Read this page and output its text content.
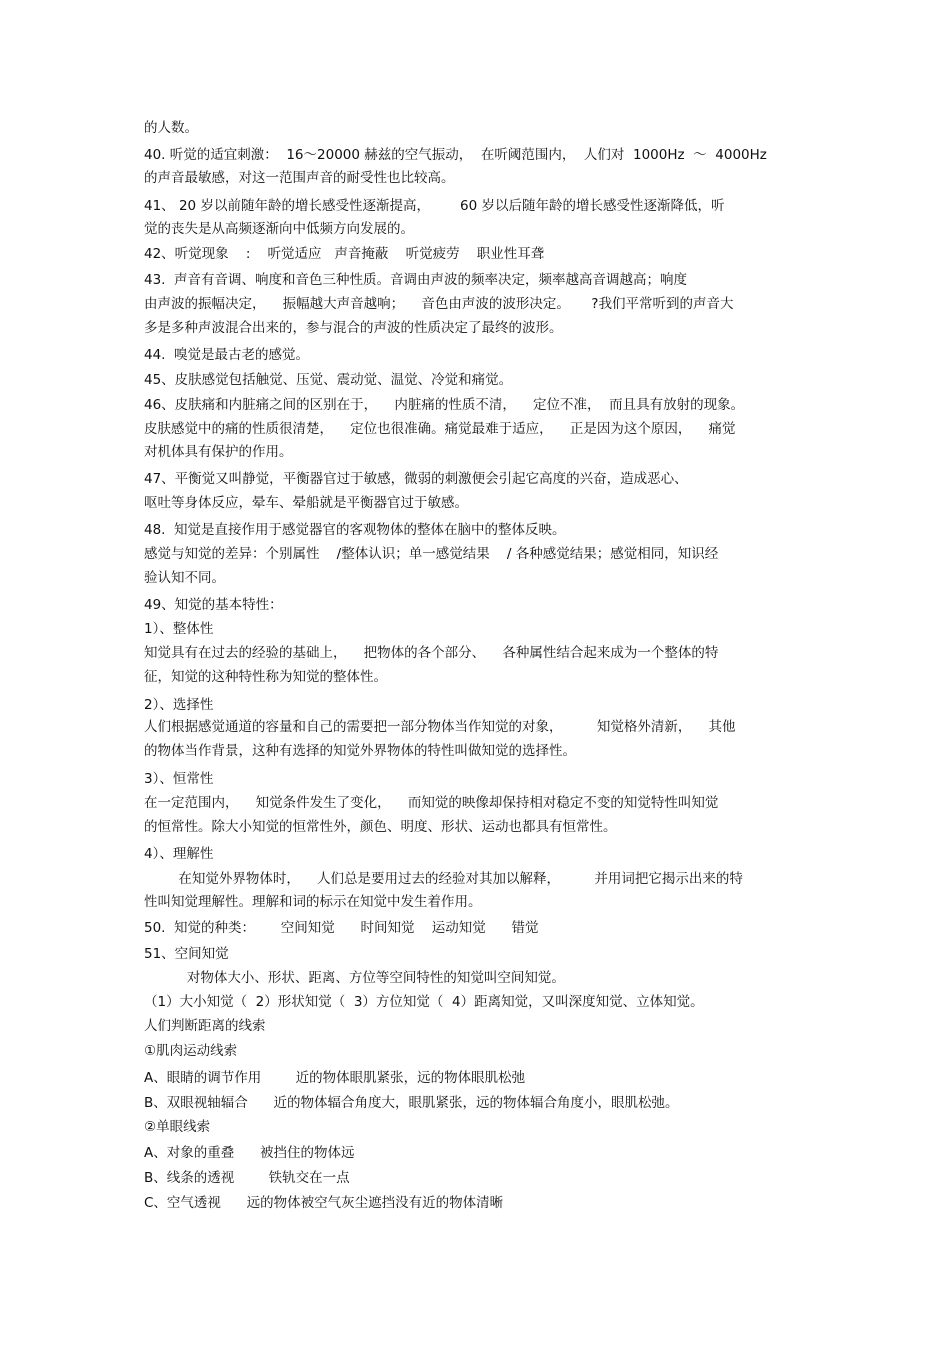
的人数。
40. 听觉的适宜刺激：  16～20000 赫兹的空气振动，  在听阈范围内，  人们对  1000Hz  ～  4000Hz
的声音最敏感，对这一范围声音的耐受性也比较高。
41、 20 岁以前随年龄的增长感受性逐渐提高，       60 岁以后随年龄的增长感受性逐渐降低，听
觉的丧失是从高频逐渐向中低频方向发展的。
42、听觉现象    :    听觉适应   声音掩蔽    听觉疲劳    职业性耳聋
43.  声音有音调、响度和音色三种性质。音调由声波的频率决定，频率越高音调越高；响度
由声波的振幅决定，    振幅越大声音越响；    音色由声波的波形决定。     ?我们平常听到的声音大
多是多种声波混合出来的，参与混合的声波的性质决定了最终的波形。
44.  嗅觉是最古老的感觉。
45、皮肤感觉包括触觉、压觉、震动觉、温觉、冷觉和痛觉。
46、皮肤痛和内脏痛之间的区别在于，    内脏痛的性质不清，    定位不准，  而且具有放射的现象。
皮肤感觉中的痛的性质很清楚，    定位也很准确。痛觉最难于适应，    正是因为这个原因，    痛觉
对机体具有保护的作用。
47、平衡觉又叫静觉，平衡器官过于敏感，微弱的刺激便会引起它高度的兴奋，造成恶心、
呕吐等身体反应，晕车、晕船就是平衡器官过于敏感。
48.  知觉是直接作用于感觉器官的客观物体的整体在脑中的整体反映。
感觉与知觉的差异：个别属性    /整体认识；单一感觉结果    / 各种感觉结果；感觉相同，知识经
验认知不同。
49、知觉的基本特性：
1）、整体性
知觉具有在过去的经验的基础上，    把物体的各个部分、    各种属性结合起来成为一个整体的特
征，知觉的这种特性称为知觉的整体性。
2）、选择性
人们根据感觉通道的容量和自己的需要把一部分物体当作知觉的对象，        知觉格外清新，    其他
的物体当作背景，这种有选择的知觉外界物体的特性叫做知觉的选择性。
3）、恒常性
在一定范围内，    知觉条件发生了变化，    而知觉的映像却保持相对稳定不变的知觉特性叫知觉
的恒常性。除大小知觉的恒常性外，颜色、明度、形状、运动也都具有恒常性。
4）、理解性
在知觉外界物体时，    人们总是要用过去的经验对其加以解释，        并用词把它揭示出来的特
性叫知觉理解性。理解和词的标示在知觉中发生着作用。
50.  知觉的种类：      空间知觉      时间知觉    运动知觉      错觉
51、空间知觉
对物体大小、形状、距离、方位等空间特性的知觉叫空间知觉。
（1）大小知觉（  2）形状知觉（  3）方位知觉（  4）距离知觉，又叫深度知觉、立体知觉。
人们判断距离的线索
①肌肉运动线索
A、眼睛的调节作用        近的物体眼肌紧张，远的物体眼肌松弛
B、双眼视轴辐合      近的物体辐合角度大，眼肌紧张，远的物体辐合角度小，眼肌松弛。
②单眼线索
A、对象的重叠      被挡住的物体远
B、线条的透视        铁轨交在一点
C、空气透视      远的物体被空气灰尘遮挡没有近的物体清晰
